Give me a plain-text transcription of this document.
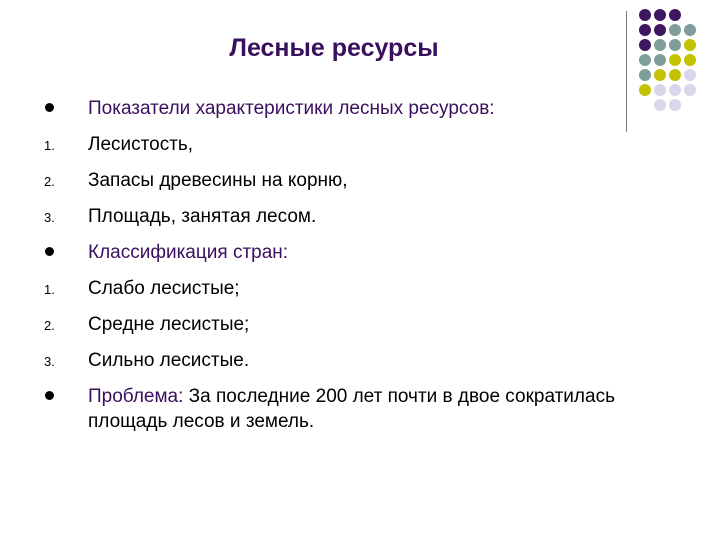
Лесные ресурсы
Показатели характеристики лесных ресурсов:
1.	Лесистость,
2.	Запасы древесины на корню,
3.	Площадь, занятая лесом.
Классификация стран:
1.	Слабо лесистые;
2.	Средне лесистые;
3.	Сильно лесистые.
Проблема: За последние 200 лет почти в двое сократилась площадь лесов и земель.
